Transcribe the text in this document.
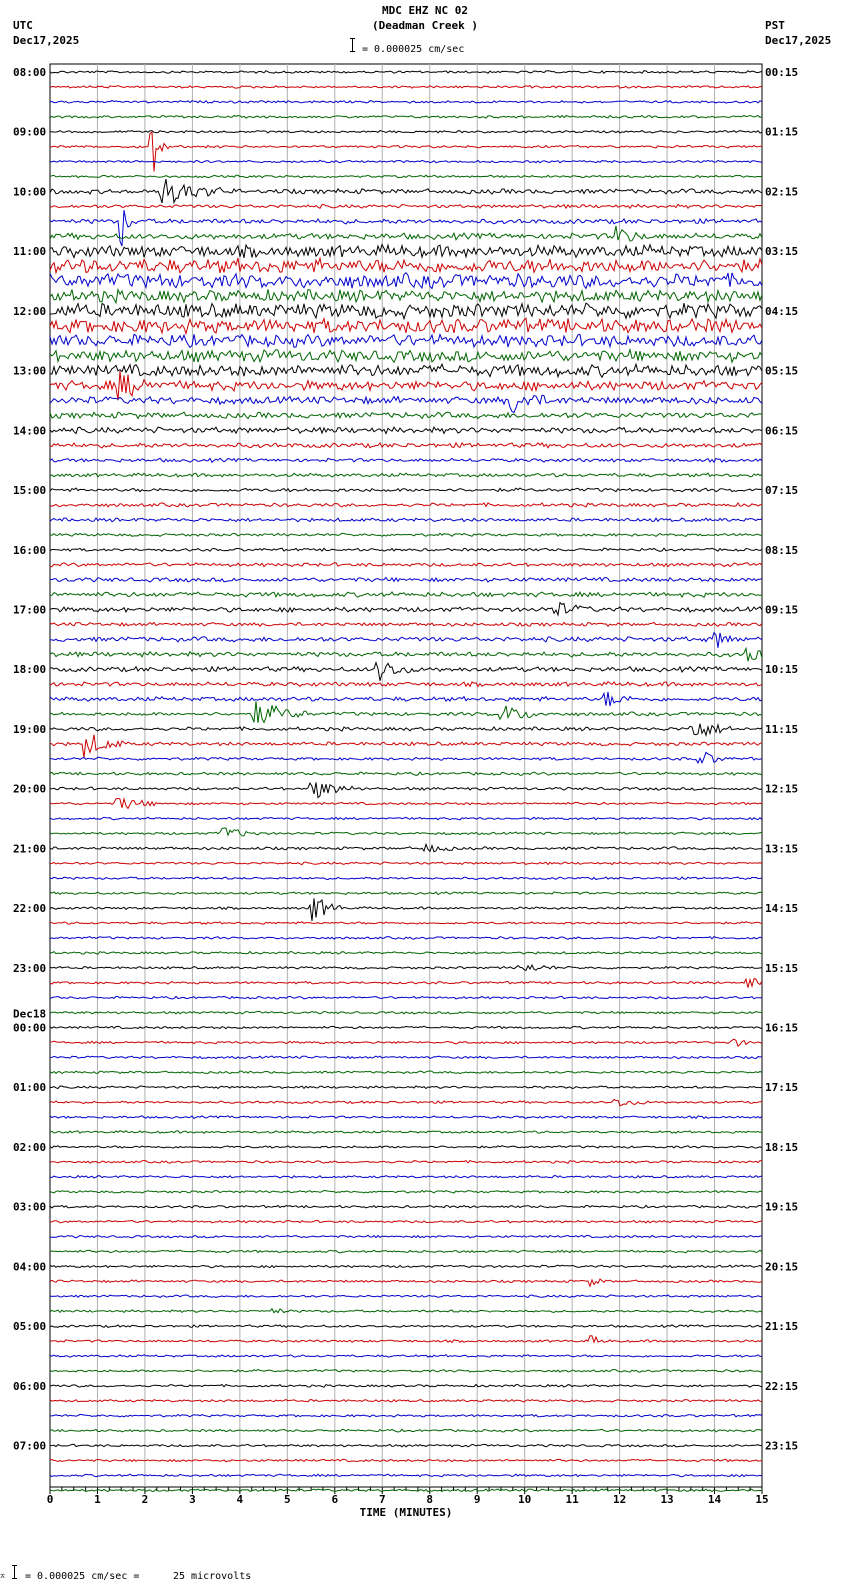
MDC EHZ NC 02
(Deadman Creek )
= 0.000025 cm/sec
UTC
Dec17,2025
PST
Dec17,2025
0	1	2	3	4	5	6	7	8	9	10	11	12	13	14	15
TIME (MINUTES)
08:00
09:00
10:00
11:00
12:00
13:00
14:00
15:00
16:00
17:00
18:00
19:00
20:00
21:00
22:00
23:00
00:00
Dec18
01:00
02:00
03:00
04:00
05:00
06:00
07:00
00:15
01:15
02:15
03:15
04:15
05:15
06:15
07:15
08:15
09:15
10:15
11:15
12:15
13:15
14:15
15:15
16:15
17:15
18:15
19:15
20:15
21:15
22:15
23:15
⌅ = 0.000025 cm/sec =	25 microvolts
